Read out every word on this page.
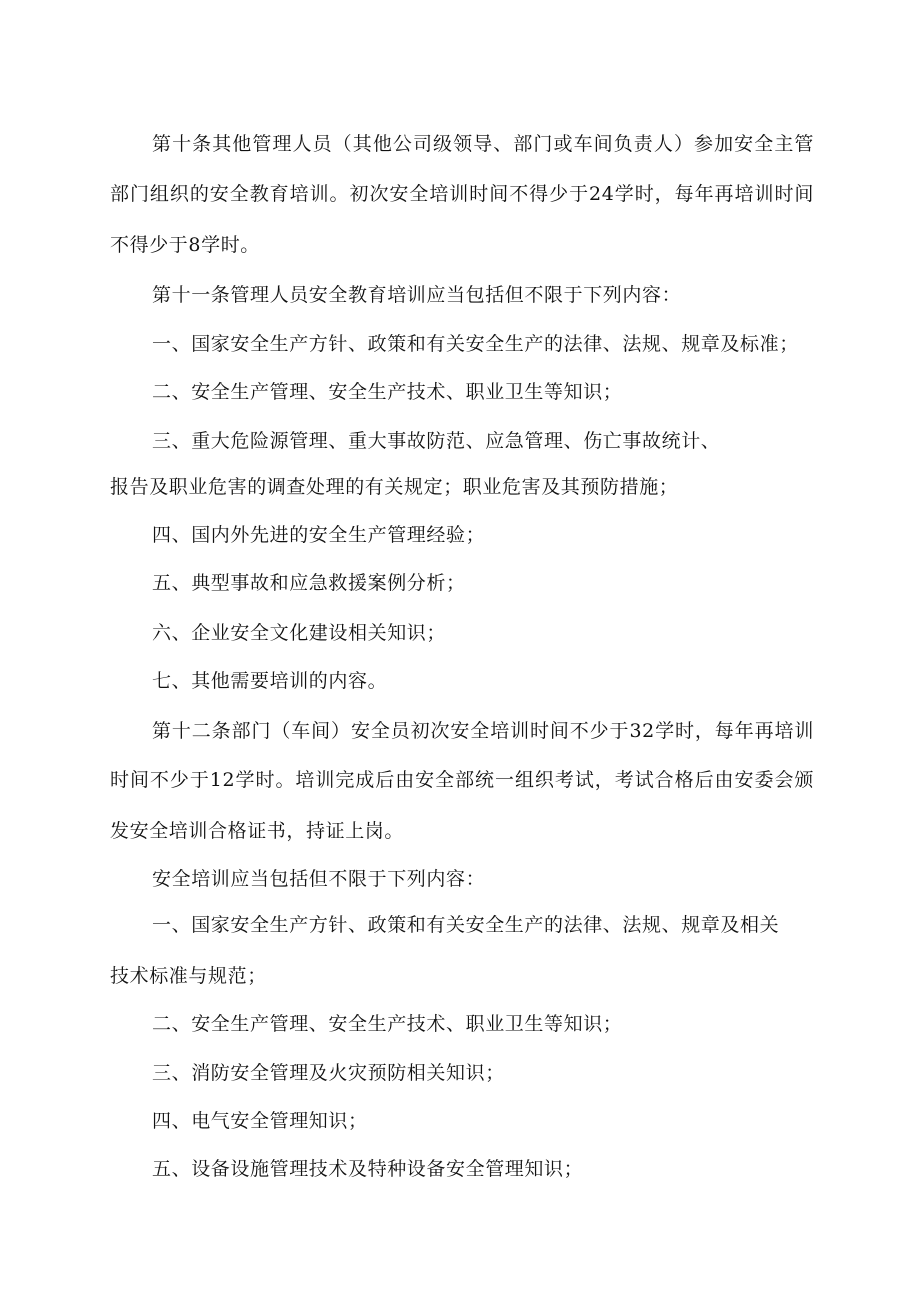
第十条其他管理人员（其他公司级领导、部门或车间负责人）参加安全主管
部门组织的安全教育培训。初次安全培训时间不得少于24学时，每年再培训时间
不得少于8学时。
第十一条管理人员安全教育培训应当包括但不限于下列内容：
一、国家安全生产方针、政策和有关安全生产的法律、法规、规章及标准；
二、安全生产管理、安全生产技术、职业卫生等知识；
三、重大危险源管理、重大事故防范、应急管理、伤亡事故统计、
报告及职业危害的调查处理的有关规定；职业危害及其预防措施；
四、国内外先进的安全生产管理经验；
五、典型事故和应急救援案例分析；
六、企业安全文化建设相关知识；
七、其他需要培训的内容。
第十二条部门（车间）安全员初次安全培训时间不少于32学时，每年再培训
时间不少于12学时。培训完成后由安全部统一组织考试，考试合格后由安委会颁
发安全培训合格证书，持证上岗。
安全培训应当包括但不限于下列内容：
一、国家安全生产方针、政策和有关安全生产的法律、法规、规章及相关
技术标准与规范；
二、安全生产管理、安全生产技术、职业卫生等知识；
三、消防安全管理及火灾预防相关知识；
四、电气安全管理知识；
五、设备设施管理技术及特种设备安全管理知识；
